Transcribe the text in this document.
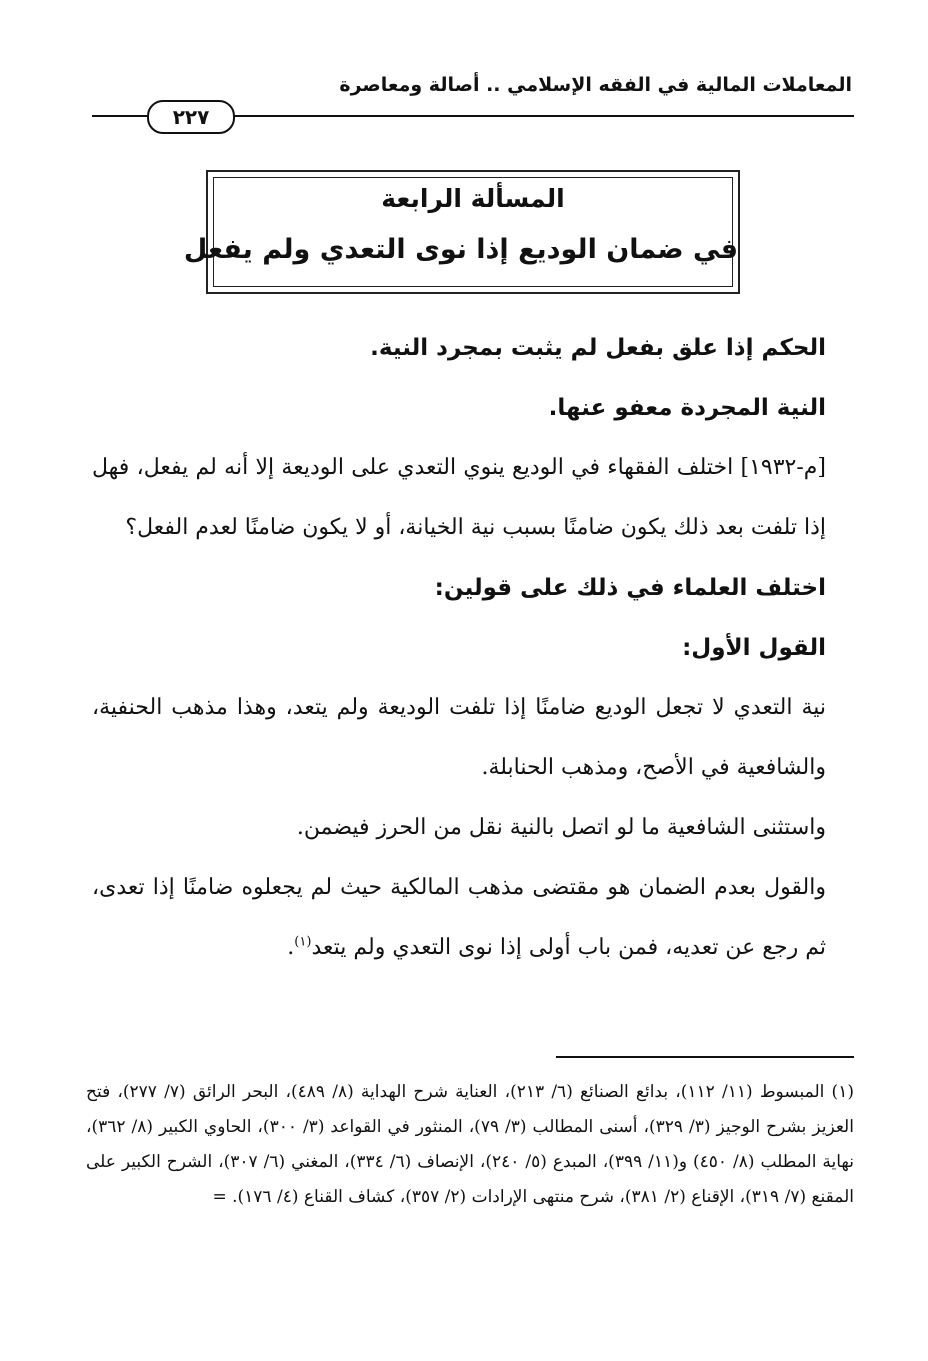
المعاملات المالية في الفقه الإسلامي .. أصالة ومعاصرة
٢٢٧
المسألة الرابعة
في ضمان الوديع إذا نوى التعدي ولم يفعل

الحكم إذا علق بفعل لم يثبت بمجرد النية.

النية المجردة معفو عنها.

[م-١٩٣٢] اختلف الفقهاء في الوديع ينوي التعدي على الوديعة إلا أنه لم يفعل، فهل إذا تلفت بعد ذلك يكون ضامنًا بسبب نية الخيانة، أو لا يكون ضامنًا لعدم الفعل؟

اختلف العلماء في ذلك على قولين:

القول الأول:

نية التعدي لا تجعل الوديع ضامنًا إذا تلفت الوديعة ولم يتعد، وهذا مذهب الحنفية، والشافعية في الأصح، ومذهب الحنابلة.

واستثنى الشافعية ما لو اتصل بالنية نقل من الحرز فيضمن.

والقول بعدم الضمان هو مقتضى مذهب المالكية حيث لم يجعلوه ضامنًا إذا تعدى، ثم رجع عن تعديه، فمن باب أولى إذا نوى التعدي ولم يتعد$^{(١)}$.

(١) المبسوط (١١/ ١١٢)، بدائع الصنائع (٦/ ٢١٣)، العناية شرح الهداية (٨/ ٤٨٩)، البحر الرائق (٧/ ٢٧٧)، فتح العزيز بشرح الوجيز (٣/ ٣٢٩)، أسنى المطالب (٣/ ٧٩)، المنثور في القواعد (٣/ ٣٠٠)، الحاوي الكبير (٨/ ٣٦٢)، نهاية المطلب (٨/ ٤٥٠) و(١١/ ٣٩٩)، المبدع (٥/ ٢٤٠)، الإنصاف (٦/ ٣٣٤)، المغني (٦/ ٣٠٧)، الشرح الكبير على المقنع (٧/ ٣١٩)، الإقناع (٢/ ٣٨١)، شرح منتهى الإرادات (٢/ ٣٥٧)، كشاف القناع (٤/ ١٧٦). =
